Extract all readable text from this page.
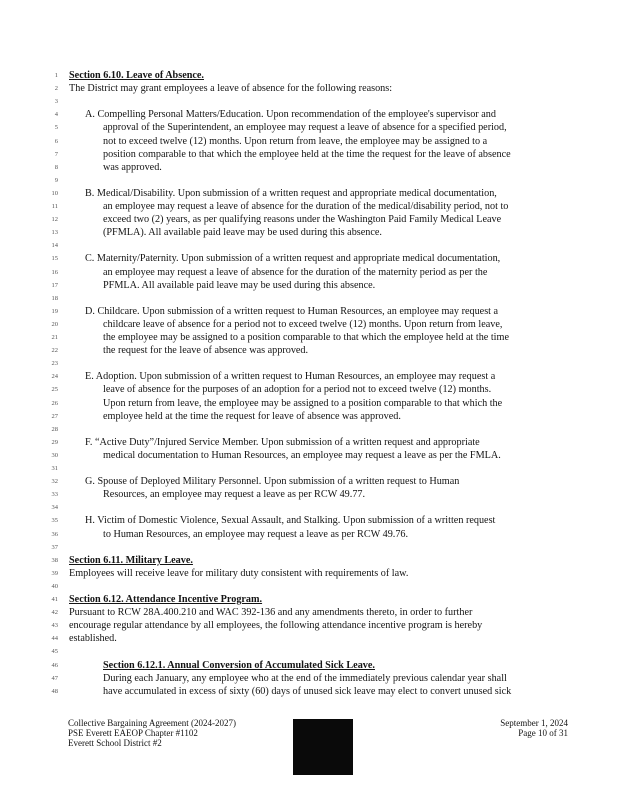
1 Section 6.10. Leave of Absence.
2 The District may grant employees a leave of absence for the following reasons:
3
4	A. Compelling Personal Matters/Education. Upon recommendation of the employee's supervisor and
5	approval of the Superintendent, an employee may request a leave of absence for a specified period,
6	not to exceed twelve (12) months. Upon return from leave, the employee may be assigned to a
7	position comparable to that which the employee held at the time the request for the leave of absence
8	was approved.
9
10	B. Medical/Disability. Upon submission of a written request and appropriate medical documentation,
11	an employee may request a leave of absence for the duration of the medical/disability period, not to
12	exceed two (2) years, as per qualifying reasons under the Washington Paid Family Medical Leave
13	(PFMLA). All available paid leave may be used during this absence.
14
15	C. Maternity/Paternity. Upon submission of a written request and appropriate medical documentation,
16	an employee may request a leave of absence for the duration of the maternity period as per the
17	PFMLA. All available paid leave may be used during this absence.
18
19	D. Childcare. Upon submission of a written request to Human Resources, an employee may request a
20	childcare leave of absence for a period not to exceed twelve (12) months. Upon return from leave,
21	the employee may be assigned to a position comparable to that which the employee held at the time
22	the request for the leave of absence was approved.
23
24	E. Adoption. Upon submission of a written request to Human Resources, an employee may request a
25	leave of absence for the purposes of an adoption for a period not to exceed twelve (12) months.
26	Upon return from leave, the employee may be assigned to a position comparable to that which the
27	employee held at the time the request for leave of absence was approved.
28
29	F. “Active Duty”/Injured Service Member. Upon submission of a written request and appropriate
30	medical documentation to Human Resources, an employee may request a leave as per the FMLA.
31
32	G. Spouse of Deployed Military Personnel. Upon submission of a written request to Human
33	Resources, an employee may request a leave as per RCW 49.77.
34
35	H. Victim of Domestic Violence, Sexual Assault, and Stalking. Upon submission of a written request
36	to Human Resources, an employee may request a leave as per RCW 49.76.
37
38 Section 6.11. Military Leave.
39 Employees will receive leave for military duty consistent with requirements of law.
40
41 Section 6.12. Attendance Incentive Program.
42 Pursuant to RCW 28A.400.210 and WAC 392-136 and any amendments thereto, in order to further
43 encourage regular attendance by all employees, the following attendance incentive program is hereby
44 established.
45
46	Section 6.12.1. Annual Conversion of Accumulated Sick Leave.
47	During each January, any employee who at the end of the immediately previous calendar year shall
48	have accumulated in excess of sixty (60) days of unused sick leave may elect to convert unused sick
Collective Bargaining Agreement (2024-2027)
PSE Everett EAEOP Chapter #1102
Everett School District #2
September 1, 2024
Page 10 of 31
